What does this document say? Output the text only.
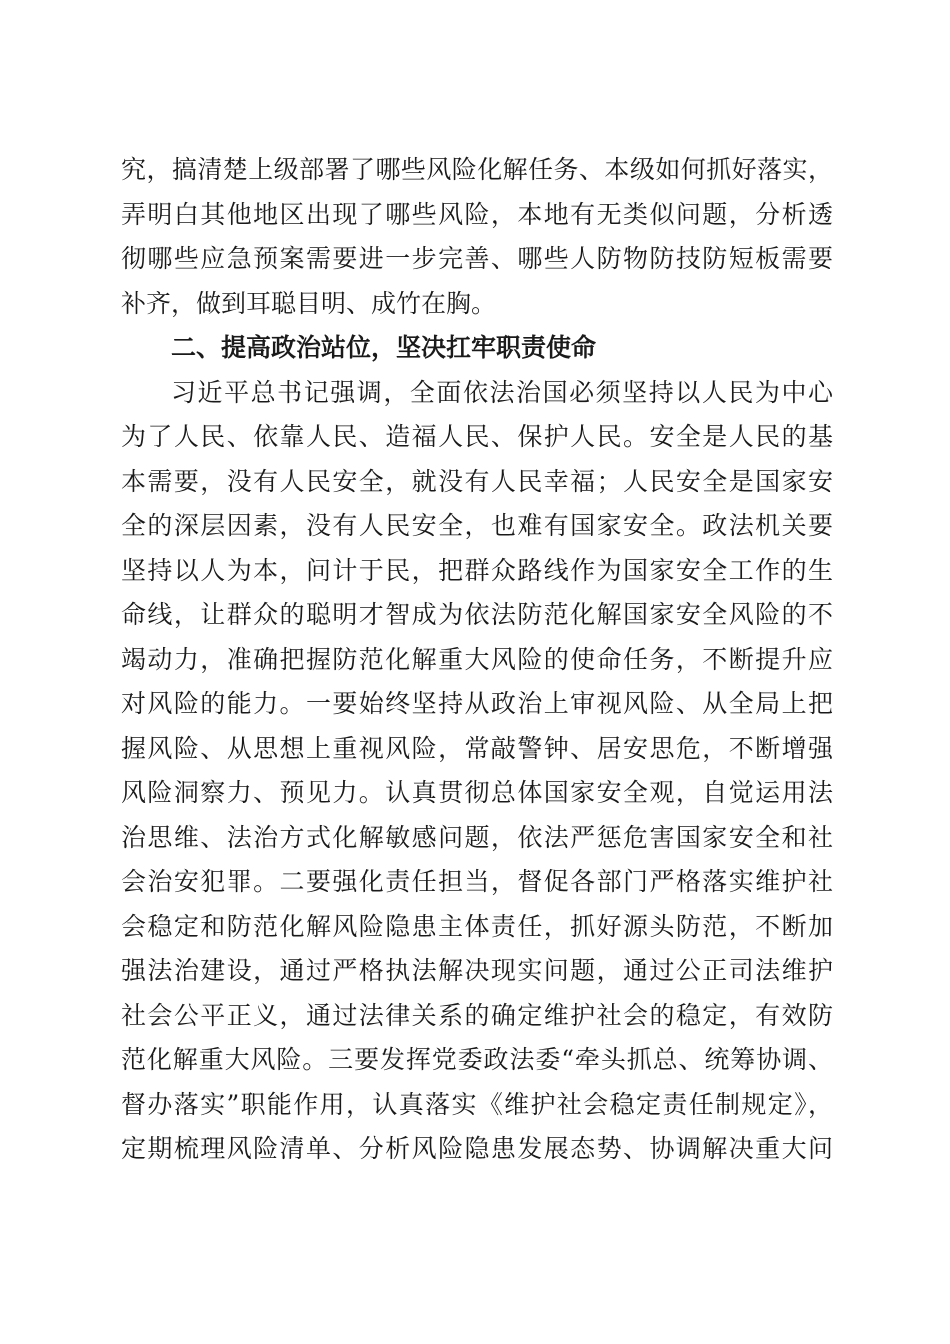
究，搞清楚上级部署了哪些风险化解任务、本级如何抓好落实，
弄明白其他地区出现了哪些风险，本地有无类似问题，分析透
彻哪些应急预案需要进一步完善、哪些人防物防技防短板需要
补齐，做到耳聪目明、成竹在胸。
二、提高政治站位，坚决扛牢职责使命
习近平总书记强调，全面依法治国必须坚持以人民为中心
为了人民、依靠人民、造福人民、保护人民。安全是人民的基
本需要，没有人民安全，就没有人民幸福；人民安全是国家安
全的深层因素，没有人民安全，也难有国家安全。政法机关要
坚持以人为本，问计于民，把群众路线作为国家安全工作的生
命线，让群众的聪明才智成为依法防范化解国家安全风险的不
竭动力，准确把握防范化解重大风险的使命任务，不断提升应
对风险的能力。一要始终坚持从政治上审视风险、从全局上把
握风险、从思想上重视风险，常敲警钟、居安思危，不断增强
风险洞察力、预见力。认真贯彻总体国家安全观，自觉运用法
治思维、法治方式化解敏感问题，依法严惩危害国家安全和社
会治安犯罪。二要强化责任担当，督促各部门严格落实维护社
会稳定和防范化解风险隐患主体责任，抓好源头防范，不断加
强法治建设，通过严格执法解决现实问题，通过公正司法维护
社会公平正义，通过法律关系的确定维护社会的稳定，有效防
范化解重大风险。三要发挥党委政法委“牵头抓总、统筹协调、
督办落实”职能作用，认真落实《维护社会稳定责任制规定》，
定期梳理风险清单、分析风险隐患发展态势、协调解决重大问
